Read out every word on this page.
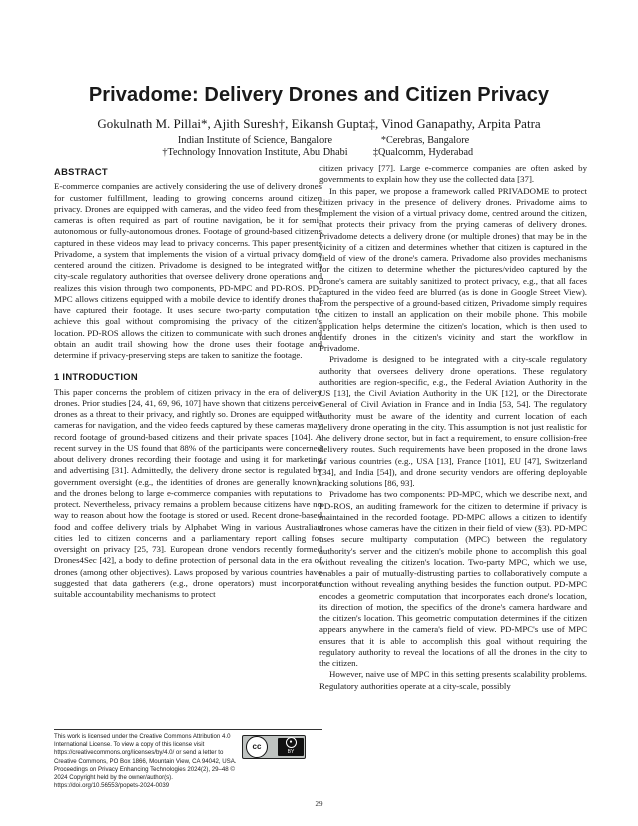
Privadome: Delivery Drones and Citizen Privacy
Gokulnath M. Pillai*, Ajith Suresh†, Eikansh Gupta‡, Vinod Ganapathy, Arpita Patra
Indian Institute of Science, Bangalore
†Technology Innovation Institute, Abu Dhabi
*Cerebras, Bangalore
‡Qualcomm, Hyderabad
ABSTRACT

E-commerce companies are actively considering the use of delivery drones for customer fulfillment, leading to growing concerns around citizen privacy. Drones are equipped with cameras, and the video feed from these cameras is often required as part of routine navigation, be it for semi-autonomous or fully-autonomous drones. Footage of ground-based citizens captured in these videos may lead to privacy concerns. This paper presents Privadome, a system that implements the vision of a virtual privacy dome centered around the citizen. Privadome is designed to be integrated with city-scale regulatory authorities that oversee delivery drone operations and realizes this vision through two components, PD-MPC and PD-ROS. PD-MPC allows citizens equipped with a mobile device to identify drones that have captured their footage. It uses secure two-party computation to achieve this goal without compromising the privacy of the citizen's location. PD-ROS allows the citizen to communicate with such drones and obtain an audit trail showing how the drone uses their footage and determine if privacy-preserving steps are taken to sanitize the footage.

1 INTRODUCTION

This paper concerns the problem of citizen privacy in the era of delivery drones. Prior studies [24, 41, 69, 96, 107] have shown that citizens perceive drones as a threat to their privacy, and rightly so. Drones are equipped with cameras for navigation, and the video feeds captured by these cameras may record footage of ground-based citizens and their private spaces [104]. A recent survey in the US found that 88% of the participants were concerned about delivery drones recording their footage and using it for marketing and advertising [31]. Admittedly, the delivery drone sector is regulated by government oversight (e.g., the identities of drones are generally known), and the drones belong to large e-commerce companies with reputations to protect. Nevertheless, privacy remains a problem because citizens have no way to reason about how the footage is stored or used. Recent drone-based food and coffee delivery trials by Alphabet Wing in various Australian cities led to citizen concerns and a parliamentary report calling for oversight on privacy [25, 73]. European drone vendors recently formed Drones4Sec [42], a body to define protection of personal data in the era of drones (among other objectives). Laws proposed by various countries have suggested that data gatherers (e.g., drone operators) must incorporate suitable accountability mechanisms to protect

citizen privacy [77]. Large e-commerce companies are often asked by governments to explain how they use the collected data [37].

In this paper, we propose a framework called PRIVADOME to protect citizen privacy in the presence of delivery drones. Privadome aims to implement the vision of a virtual privacy dome, centred around the citizen, that protects their privacy from the prying cameras of delivery drones. Privadome detects a delivery drone (or multiple drones) that may be in the vicinity of a citizen and determines whether that citizen is captured in the field of view of the drone's camera. Privadome also provides mechanisms for the citizen to determine whether the pictures/video captured by the drone's camera are suitably sanitized to protect privacy, e.g., that all faces captured in the video feed are blurred (as is done in Google Street View). From the perspective of a ground-based citizen, Privadome simply requires the citizen to install an application on their mobile phone. This mobile application helps determine the citizen's location, which is then used to identify drones in the citizen's vicinity and start the workflow in Privadome.

Privadome is designed to be integrated with a city-scale regulatory authority that oversees delivery drone operations. These regulatory authorities are region-specific, e.g., the Federal Aviation Authority in the US [13], the Civil Aviation Authority in the UK [12], or the Directorate General of Civil Aviation in France and in India [53, 54]. The regulatory authority must be aware of the identity and current location of each delivery drone operating in the city. This assumption is not just realistic for the delivery drone sector, but in fact a requirement, to ensure collision-free delivery routes. Such requirements have been proposed in the drone laws of various countries (e.g., USA [13], France [101], EU [47], Switzerland [34], and India [54]), and drone security vendors are offering deployable tracking solutions [86, 93].

Privadome has two components: PD-MPC, which we describe next, and PD-ROS, an auditing framework for the citizen to determine if privacy is maintained in the recorded footage. PD-MPC allows a citizen to identify drones whose cameras have the citizen in their field of view (§3). PD-MPC uses secure multiparty computation (MPC) between the regulatory authority's server and the citizen's mobile phone to accomplish this goal without revealing the citizen's location. Two-party MPC, which we use, enables a pair of mutually-distrusting parties to collaboratively compute a function without revealing anything besides the function output. PD-MPC encodes a geometric computation that incorporates each drone's location, its direction of motion, the specifics of the drone's camera hardware and the citizen's location. This geometric computation determines if the citizen appears anywhere in the camera's field of view. PD-MPC's use of MPC ensures that it is able to accomplish this goal without requiring the regulatory authority to reveal the locations of all the drones in the city to the citizen.

However, naive use of MPC in this setting presents scalability problems. Regulatory authorities operate at a city-scale, possibly

This work is licensed under the Creative Commons Attribution 4.0 International License. To view a copy of this license visit https://creativecommons.org/licenses/by/4.0/ or send a letter to Creative Commons, PO Box 1866, Mountain View, CA 94042, USA. Proceedings on Privacy Enhancing Technologies 2024(2), 29–48 © 2024 Copyright held by the owner/author(s). https://doi.org/10.56553/popets-2024-0039
cc	●
BY
29
